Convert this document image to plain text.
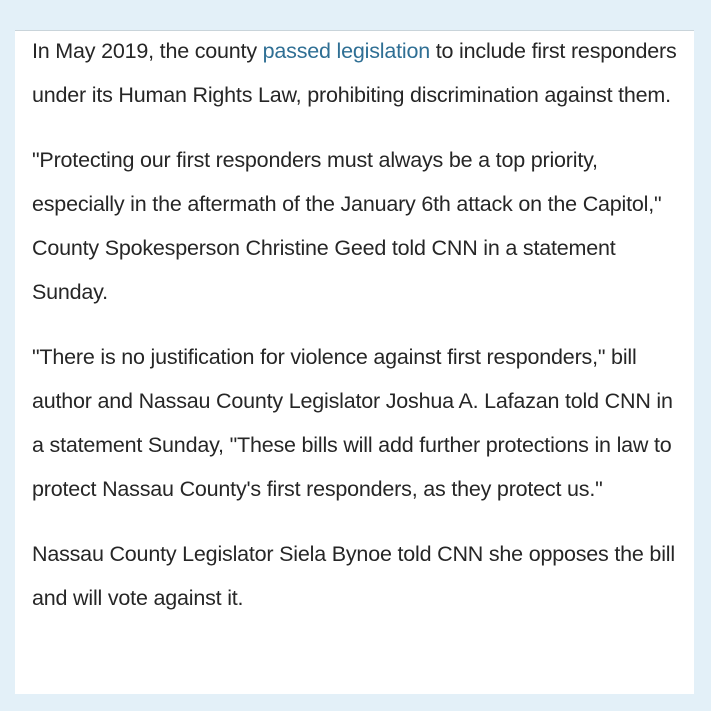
In May 2019, the county passed legislation to include first responders under its Human Rights Law, prohibiting discrimination against them.

"Protecting our first responders must always be a top priority, especially in the aftermath of the January 6th attack on the Capitol," County Spokesperson Christine Geed told CNN in a statement Sunday.

"There is no justification for violence against first responders," bill author and Nassau County Legislator Joshua A. Lafazan told CNN in a statement Sunday, "These bills will add further protections in law to protect Nassau County's first responders, as they protect us."

Nassau County Legislator Siela Bynoe told CNN she opposes the bill and will vote against it.
